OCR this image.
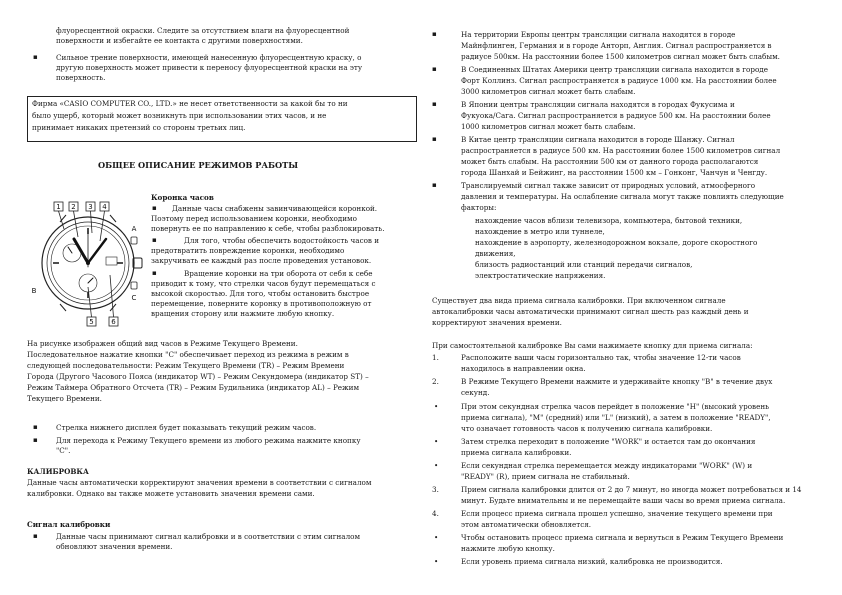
флуоресцентной окраски. Следите за отсутствием влаги на флуоресцентной
поверхности и избегайте ее контакта с другими поверхностями.
▪	Сильное трение поверхности, имеющей нанесенную флуоресцентную краску, о
другую поверхность может привести к переносу флуоресцентной краски на эту
поверхность.
Фирма «CASIO COMPUTER CO., LTD.» не несет ответственности за какой бы то ни
было ущерб, который может возникнуть при использовании этих часов, и не
принимает никаких претензий со стороны третьих лиц.
ОБЩЕЕ ОПИСАНИЕ РЕЖИМОВ РАБОТЫ
Коронка часов
▪ Данные часы снабжены завинчивающейся коронкой.
Поэтому перед использованием коронки, необходимо
повернуть ее по направлению к себе, чтобы разблокировать.
▪	Для того, чтобы обеспечить водостойкость часов и
предотвратить повреждение коронки, необходимо
закручивать ее каждый раз после проведения установок.
▪	Вращение коронки на три оборота от себя к себе
приводит к тому, что стрелки часов будут перемещаться с
высокой скоростью. Для того, чтобы остановить быстрое
перемещение, поверните коронку в противоположную от
вращения сторону или нажмите любую кнопку.
1 2 3 4
5	6
A
B
C
На рисунке изображен общий вид часов в Режиме Текущего Времени.
Последовательное нажатие кнопки "C" обеспечивает переход из режима в режим в
следующей последовательности: Режим Текущего Времени (TR) – Режим Времени
Города (Другого Часового Пояса (индикатор WT) – Режим Секундомера (индикатор ST) –
Режим Таймера Обратного Отсчета (TR) – Режим Будильника (индикатор AL) – Режим
Текущего Времени.
▪	Стрелка нижнего дисплея будет показывать текущий режим часов.
▪	Для перехода к Режиму Текущего времени из любого режима нажмите кнопку
"C".
КАЛИБРОВКА
Данные часы автоматически корректируют значения времени в соответствии с сигналом
калибровки. Однако вы также можете установить значения времени сами.
Сигнал калибровки
▪	Данные часы принимают сигнал калибровки и в соответствии с этим сигналом
обновляют значения времени.
▪	На территории Европы центры трансляции сигнала находятся в городе
Майнфлинген, Германия и в городе Анторп, Англия. Сигнал распространяется в
радиусе 500км. На расстоянии более 1500 километров сигнал может быть слабым.
▪	В Соединенных Штатах Америки центр трансляции сигнала находится в городе
Форт Коллинз. Сигнал распространяется в радиусе 1000 км. На расстоянии более
3000 километров сигнал может быть слабым.
▪	В Японии центры трансляции сигнала находятся в городах Фукусима и
Фукуока/Сага. Сигнал распространяется в радиусе 500 км. На расстоянии более
1000 километров сигнал может быть слабым.
▪	В Китае центр трансляции сигнала находится в городе Шанжу. Сигнал
распространяется в радиусе 500 км. На расстоянии более 1500 километров сигнал
может быть слабым. На расстоянии 500 км от данного города располагаются
города Шанхай и Бейжинг, на расстоянии 1500 км – Гонконг, Чанчун и Ченгду.
▪	Транслируемый сигнал также зависит от природных условий, атмосферного
давления и температуры. На ослабление сигнала могут также повлиять следующие
факторы:
нахождение часов вблизи телевизора, компьютера, бытовой техники,
нахождение в метро или туннеле,
нахождение в аэропорту, железнодорожном вокзале, дороге скоростного
движения,
близость радиостанций или станций передачи сигналов,
электростатические напряжения.
Существует два вида приема сигнала калибровки. При включенном сигнале
автокалибровки часы автоматически принимают сигнал шесть раз каждый день и
корректируют значения времени.
При самостоятельной калибровке Вы сами нажимаете кнопку для приема сигнала:
1.	Расположите ваши часы горизонтально так, чтобы значение 12-ти часов
находилось в направлении окна.
2.	В Режиме Текущего Времени нажмите и удерживайте кнопку "B" в течение двух
секунд.
•	При этом секундная стрелка часов перейдет в положение "H" (высокий уровень
приема сигнала), "M" (средний) или "L" (низкий), а затем в положение "READY",
что означает готовность часов к получению сигнала калибровки.
•	Затем стрелка переходит в положение "WORK" и остается там до окончания
приема сигнала калибровки.
•	Если секундная стрелка перемещается между индикаторами "WORK" (W) и
"READY" (R), прием сигнала не стабильный.
3.	Прием сигнала калибровки длится от 2 до 7 минут, но иногда может потребоваться и 14
минут. Будьте внимательны и не перемещайте ваши часы во время приема сигнала.
4.	Если процесс приема сигнала прошел успешно, значение текущего времени при
этом автоматически обновляется.
•	Чтобы остановить процесс приема сигнала и вернуться в Режим Текущего Времени
нажмите любую кнопку.
•	Если уровень приема сигнала низкий, калибровка не производится.
